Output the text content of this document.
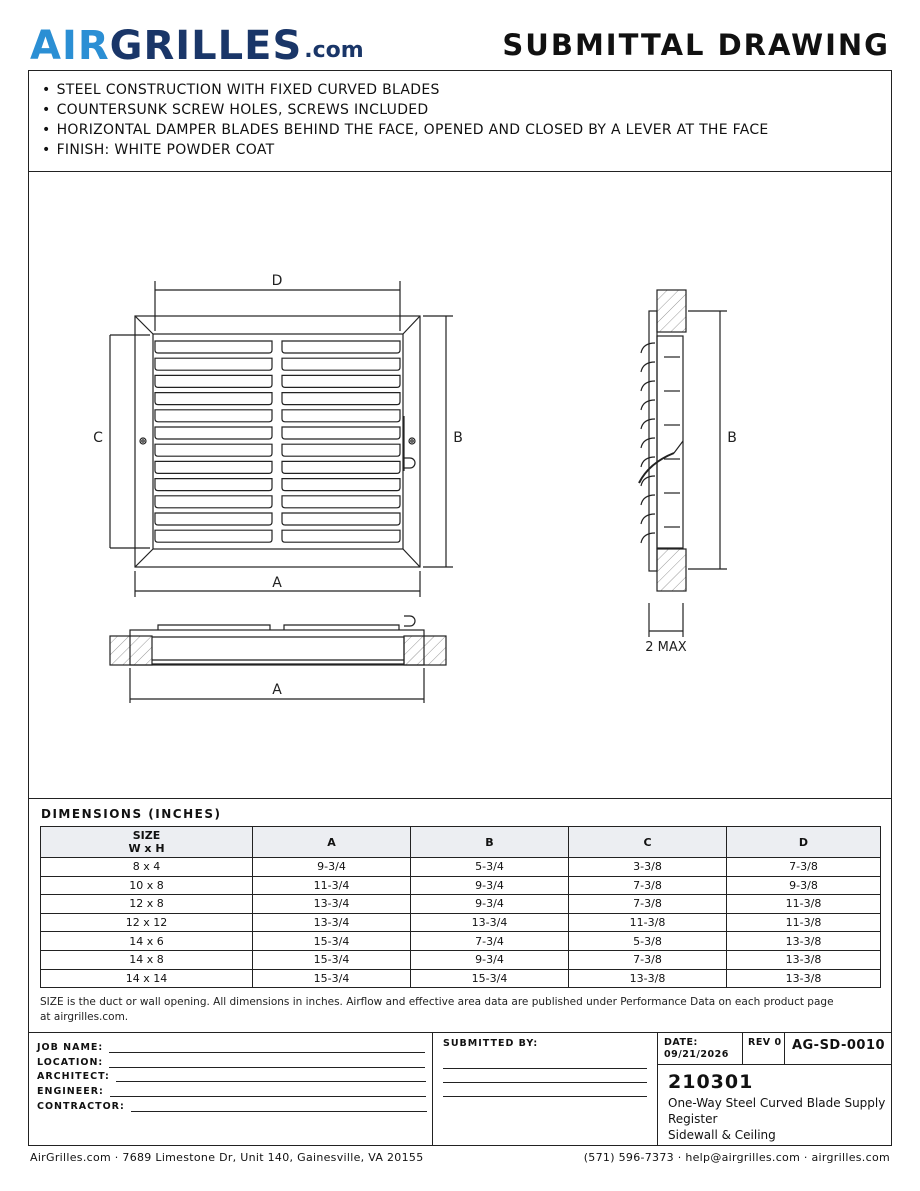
AIRGRILLES .com	SUBMITTAL DRAWING
• STEEL CONSTRUCTION WITH FIXED CURVED BLADES
• COUNTERSUNK SCREW HOLES, SCREWS INCLUDED
• HORIZONTAL DAMPER BLADES BEHIND THE FACE, OPENED AND CLOSED BY A LEVER AT THE FACE
• FINISH: WHITE POWDER COAT
D
C	B
A
A
B
2 MAX
DIMENSIONS (INCHES)
SIZE
W x H	A	B	C	D
8 x 4	9-3/4	5-3/4	3-3/8	7-3/8
10 x 8	11-3/4	9-3/4	7-3/8	9-3/8
12 x 8	13-3/4	9-3/4	7-3/8	11-3/8
12 x 12	13-3/4	13-3/4	11-3/8	11-3/8
14 x 6	15-3/4	7-3/4	5-3/8	13-3/8
14 x 8	15-3/4	9-3/4	7-3/8	13-3/8
14 x 14	15-3/4	15-3/4	13-3/8	13-3/8
SIZE is the duct or wall opening. All dimensions in inches. Airflow and effective area data are published under Performance Data on each product page at airgrilles.com.
JOB NAME:
LOCATION:
ARCHITECT:
ENGINEER:
CONTRACTOR:
SUBMITTED BY:	DATE:
09/21/2026
REV 0 AG-SD-0010
210301
One-Way Steel Curved Blade Supply
Register
Sidewall & Ceiling
AirGrilles.com · 7689 Limestone Dr, Unit 140, Gainesville, VA 20155	(571) 596-7373 · help@airgrilles.com · airgrilles.com
